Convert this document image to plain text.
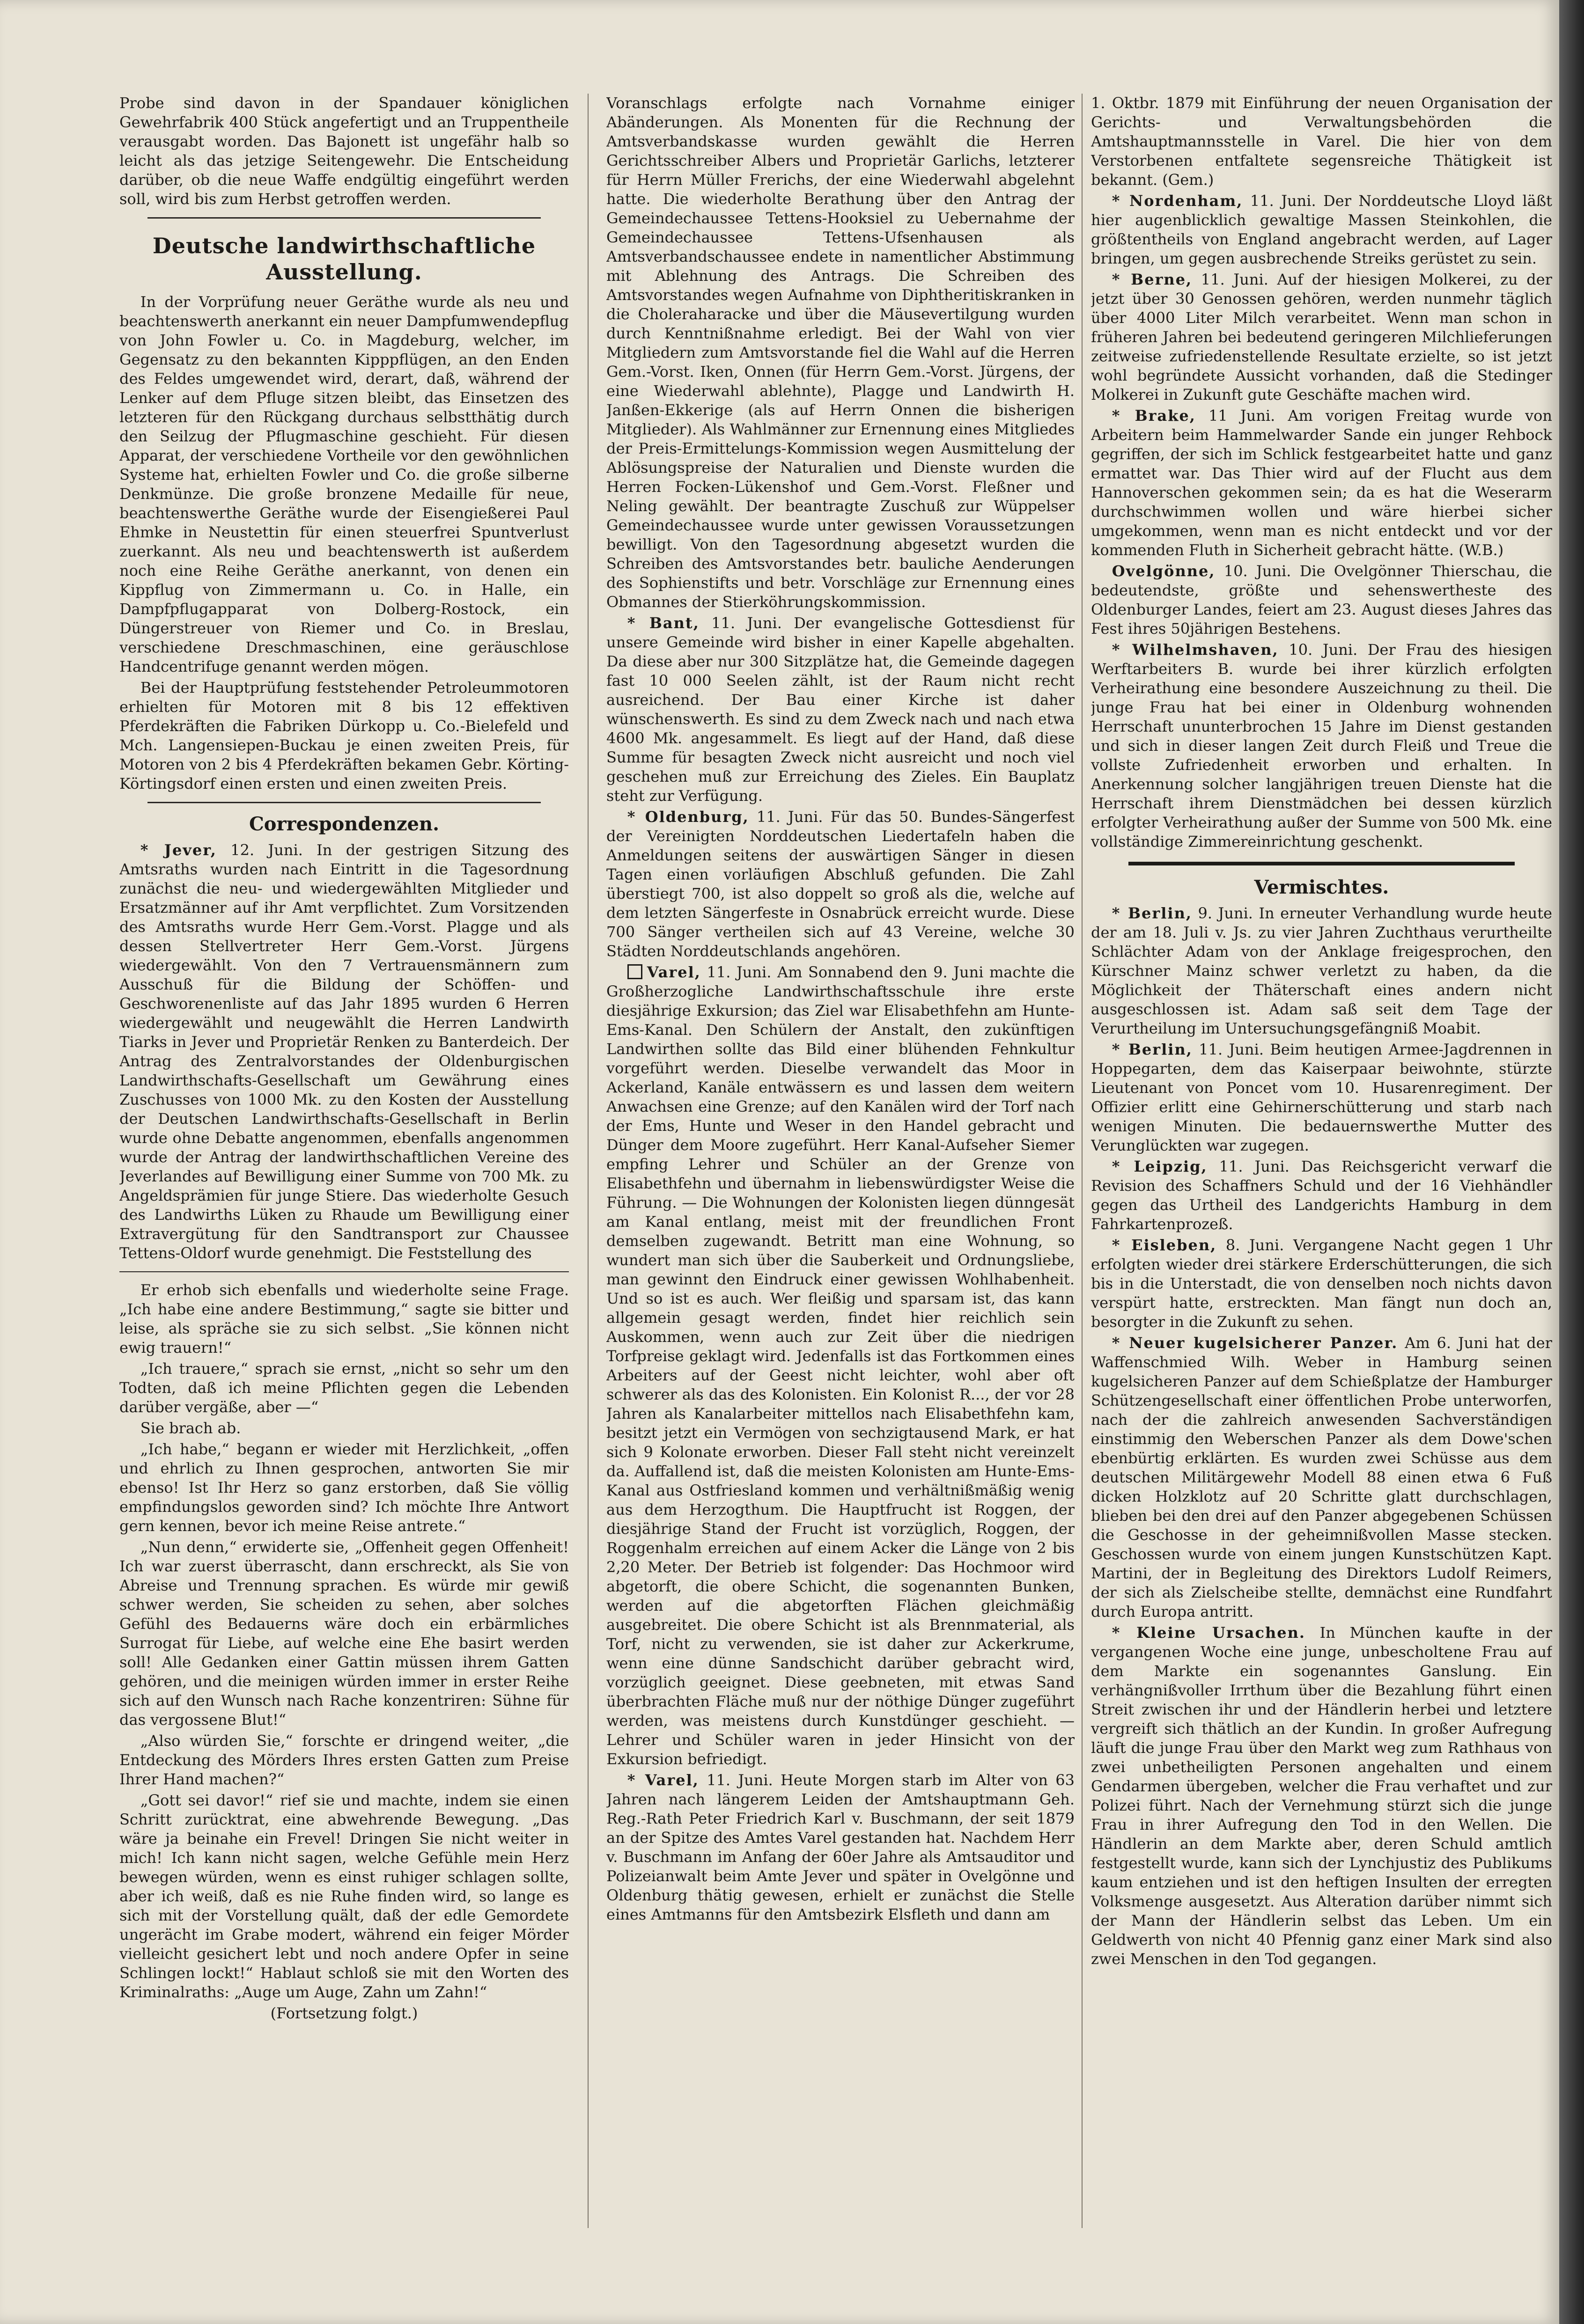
Probe sind davon in der Spandauer königlichen Gewehrfabrik 400 Stück angefertigt und an Truppentheile verausgabt worden. Das Bajonett ist ungefähr halb so leicht als das jetzige Seitengewehr. Die Entscheidung darüber, ob die neue Waffe endgültig eingeführt werden soll, wird bis zum Herbst getroffen werden.

Deutsche landwirthschaftliche Ausstellung.

In der Vorprüfung neuer Geräthe wurde als neu und beachtenswerth anerkannt ein neuer Dampfumwendepflug von John Fowler u. Co. in Magdeburg, welcher, im Gegensatz zu den bekannten Kipppflügen, an den Enden des Feldes umgewendet wird, derart, daß, während der Lenker auf dem Pfluge sitzen bleibt, das Einsetzen des letzteren für den Rückgang durchaus selbstthätig durch den Seilzug der Pflugmaschine geschieht. Für diesen Apparat, der verschiedene Vortheile vor den gewöhnlichen Systeme hat, erhielten Fowler und Co. die große silberne Denkmünze. Die große bronzene Medaille für neue, beachtenswerthe Geräthe wurde der Eisengießerei Paul Ehmke in Neustettin für einen steuerfrei Spuntverlust zuerkannt. Als neu und beachtenswerth ist außerdem noch eine Reihe Geräthe anerkannt, von denen ein Kippflug von Zimmermann u. Co. in Halle, ein Dampfpflugapparat von Dolberg-Rostock, ein Düngerstreuer von Riemer und Co. in Breslau, verschiedene Dreschmaschinen, eine geräuschlose Handcentrifuge genannt werden mögen.

Bei der Hauptprüfung feststehender Petroleummotoren erhielten für Motoren mit 8 bis 12 effektiven Pferdekräften die Fabriken Dürkopp u. Co.-Bielefeld und Mch. Langensiepen-Buckau je einen zweiten Preis, für Motoren von 2 bis 4 Pferdekräften bekamen Gebr. Körting-Körtingsdorf einen ersten und einen zweiten Preis.

Correspondenzen.

* Jever, 12. Juni. In der gestrigen Sitzung des Amtsraths wurden nach Eintritt in die Tagesordnung zunächst die neu- und wiedergewählten Mitglieder und Ersatzmänner auf ihr Amt verpflichtet. Zum Vorsitzenden des Amtsraths wurde Herr Gem.-Vorst. Plagge und als dessen Stellvertreter Herr Gem.-Vorst. Jürgens wiedergewählt. Von den 7 Vertrauensmännern zum Ausschuß für die Bildung der Schöffen- und Geschworenenliste auf das Jahr 1895 wurden 6 Herren wiedergewählt und neugewählt die Herren Landwirth Tiarks in Jever und Proprietär Renken zu Banterdeich. Der Antrag des Zentralvorstandes der Oldenburgischen Landwirthschafts-Gesellschaft um Gewährung eines Zuschusses von 1000 Mk. zu den Kosten der Ausstellung der Deutschen Landwirthschafts-Gesellschaft in Berlin wurde ohne Debatte angenommen, ebenfalls angenommen wurde der Antrag der landwirthschaftlichen Vereine des Jeverlandes auf Bewilligung einer Summe von 700 Mk. zu Angeldsprämien für junge Stiere. Das wiederholte Gesuch des Landwirths Lüken zu Rhaude um Bewilligung einer Extravergütung für den Sandtransport zur Chaussee Tettens-Oldorf wurde genehmigt. Die Feststellung des

Er erhob sich ebenfalls und wiederholte seine Frage. „Ich habe eine andere Bestimmung,“ sagte sie bitter und leise, als spräche sie zu sich selbst. „Sie können nicht ewig trauern!“

„Ich trauere,“ sprach sie ernst, „nicht so sehr um den Todten, daß ich meine Pflichten gegen die Lebenden darüber vergäße, aber —“

Sie brach ab.

„Ich habe,“ begann er wieder mit Herzlichkeit, „offen und ehrlich zu Ihnen gesprochen, antworten Sie mir ebenso! Ist Ihr Herz so ganz erstorben, daß Sie völlig empfindungslos geworden sind? Ich möchte Ihre Antwort gern kennen, bevor ich meine Reise antrete.“

„Nun denn,“ erwiderte sie, „Offenheit gegen Offenheit! Ich war zuerst überrascht, dann erschreckt, als Sie von Abreise und Trennung sprachen. Es würde mir gewiß schwer werden, Sie scheiden zu sehen, aber solches Gefühl des Bedauerns wäre doch ein erbärmliches Surrogat für Liebe, auf welche eine Ehe basirt werden soll! Alle Gedanken einer Gattin müssen ihrem Gatten gehören, und die meinigen würden immer in erster Reihe sich auf den Wunsch nach Rache konzentriren: Sühne für das vergossene Blut!“

„Also würden Sie,“ forschte er dringend weiter, „die Entdeckung des Mörders Ihres ersten Gatten zum Preise Ihrer Hand machen?“

„Gott sei davor!“ rief sie und machte, indem sie einen Schritt zurücktrat, eine abwehrende Bewegung. „Das wäre ja beinahe ein Frevel! Dringen Sie nicht weiter in mich! Ich kann nicht sagen, welche Gefühle mein Herz bewegen würden, wenn es einst ruhiger schlagen sollte, aber ich weiß, daß es nie Ruhe finden wird, so lange es sich mit der Vorstellung quält, daß der edle Gemordete ungerächt im Grabe modert, während ein feiger Mörder vielleicht gesichert lebt und noch andere Opfer in seine Schlingen lockt!“ Hablaut schloß sie mit den Worten des Kriminalraths: „Auge um Auge, Zahn um Zahn!“

(Fortsetzung folgt.)

Voranschlags erfolgte nach Vornahme einiger Abänderungen. Als Monenten für die Rechnung der Amtsverbandskasse wurden gewählt die Herren Gerichtsschreiber Albers und Proprietär Garlichs, letzterer für Herrn Müller Frerichs, der eine Wiederwahl abgelehnt hatte. Die wiederholte Berathung über den Antrag der Gemeindechaussee Tettens-Hooksiel zu Uebernahme der Gemeindechaussee Tettens-Ufsenhausen als Amtsverbandschaussee endete in namentlicher Abstimmung mit Ablehnung des Antrags. Die Schreiben des Amtsvorstandes wegen Aufnahme von Diphtheritiskranken in die Choleraharacke und über die Mäusevertilgung wurden durch Kenntnißnahme erledigt. Bei der Wahl von vier Mitgliedern zum Amtsvorstande fiel die Wahl auf die Herren Gem.-Vorst. Iken, Onnen (für Herrn Gem.-Vorst. Jürgens, der eine Wiederwahl ablehnte), Plagge und Landwirth H. Janßen-Ekkerige (als auf Herrn Onnen die bisherigen Mitglieder). Als Wahlmänner zur Ernennung eines Mitgliedes der Preis-Ermittelungs-Kommission wegen Ausmittelung der Ablösungspreise der Naturalien und Dienste wurden die Herren Focken-Lükenshof und Gem.-Vorst. Fleßner und Neling gewählt. Der beantragte Zuschuß zur Wüppelser Gemeindechaussee wurde unter gewissen Voraussetzungen bewilligt. Von den Tagesordnung abgesetzt wurden die Schreiben des Amtsvorstandes betr. bauliche Aenderungen des Sophienstifts und betr. Vorschläge zur Ernennung eines Obmannes der Stierköhrungskommission.

* Bant, 11. Juni. Der evangelische Gottesdienst für unsere Gemeinde wird bisher in einer Kapelle abgehalten. Da diese aber nur 300 Sitzplätze hat, die Gemeinde dagegen fast 10 000 Seelen zählt, ist der Raum nicht recht ausreichend. Der Bau einer Kirche ist daher wünschenswerth. Es sind zu dem Zweck nach und nach etwa 4600 Mk. angesammelt. Es liegt auf der Hand, daß diese Summe für besagten Zweck nicht ausreicht und noch viel geschehen muß zur Erreichung des Zieles. Ein Bauplatz steht zur Verfügung.

* Oldenburg, 11. Juni. Für das 50. Bundes-Sängerfest der Vereinigten Norddeutschen Liedertafeln haben die Anmeldungen seitens der auswärtigen Sänger in diesen Tagen einen vorläufigen Abschluß gefunden. Die Zahl überstiegt 700, ist also doppelt so groß als die, welche auf dem letzten Sängerfeste in Osnabrück erreicht wurde. Diese 700 Sänger vertheilen sich auf 43 Vereine, welche 30 Städten Norddeutschlands angehören.

Varel, 11. Juni. Am Sonnabend den 9. Juni machte die Großherzogliche Landwirthschaftsschule ihre erste diesjährige Exkursion; das Ziel war Elisabethfehn am Hunte-Ems-Kanal. Den Schülern der Anstalt, den zukünftigen Landwirthen sollte das Bild einer blühenden Fehnkultur vorgeführt werden. Dieselbe verwandelt das Moor in Ackerland, Kanäle entwässern es und lassen dem weitern Anwachsen eine Grenze; auf den Kanälen wird der Torf nach der Ems, Hunte und Weser in den Handel gebracht und Dünger dem Moore zugeführt. Herr Kanal-Aufseher Siemer empfing Lehrer und Schüler an der Grenze von Elisabethfehn und übernahm in liebenswürdigster Weise die Führung. — Die Wohnungen der Kolonisten liegen dünngesät am Kanal entlang, meist mit der freundlichen Front demselben zugewandt. Betritt man eine Wohnung, so wundert man sich über die Sauberkeit und Ordnungsliebe, man gewinnt den Eindruck einer gewissen Wohlhabenheit. Und so ist es auch. Wer fleißig und sparsam ist, das kann allgemein gesagt werden, findet hier reichlich sein Auskommen, wenn auch zur Zeit über die niedrigen Torfpreise geklagt wird. Jedenfalls ist das Fortkommen eines Arbeiters auf der Geest nicht leichter, wohl aber oft schwerer als das des Kolonisten. Ein Kolonist R..., der vor 28 Jahren als Kanalarbeiter mittellos nach Elisabethfehn kam, besitzt jetzt ein Vermögen von sechzigtausend Mark, er hat sich 9 Kolonate erworben. Dieser Fall steht nicht vereinzelt da. Auffallend ist, daß die meisten Kolonisten am Hunte-Ems-Kanal aus Ostfriesland kommen und verhältnißmäßig wenig aus dem Herzogthum. Die Hauptfrucht ist Roggen, der diesjährige Stand der Frucht ist vorzüglich, Roggen, der Roggenhalm erreichen auf einem Acker die Länge von 2 bis 2,20 Meter. Der Betrieb ist folgender: Das Hochmoor wird abgetorft, die obere Schicht, die sogenannten Bunken, werden auf die abgetorften Flächen gleichmäßig ausgebreitet. Die obere Schicht ist als Brennmaterial, als Torf, nicht zu verwenden, sie ist daher zur Ackerkrume, wenn eine dünne Sandschicht darüber gebracht wird, vorzüglich geeignet. Diese geebneten, mit etwas Sand überbrachten Fläche muß nur der nöthige Dünger zugeführt werden, was meistens durch Kunstdünger geschieht. — Lehrer und Schüler waren in jeder Hinsicht von der Exkursion befriedigt.

* Varel, 11. Juni. Heute Morgen starb im Alter von 63 Jahren nach längerem Leiden der Amtshauptmann Geh. Reg.-Rath Peter Friedrich Karl v. Buschmann, der seit 1879 an der Spitze des Amtes Varel gestanden hat. Nachdem Herr v. Buschmann im Anfang der 60er Jahre als Amtsauditor und Polizeianwalt beim Amte Jever und später in Ovelgönne und Oldenburg thätig gewesen, erhielt er zunächst die Stelle eines Amtmanns für den Amtsbezirk Elsfleth und dann am

1. Oktbr. 1879 mit Einführung der neuen Organisation der Gerichts- und Verwaltungsbehörden die Amtshauptmannsstelle in Varel. Die hier von dem Verstorbenen entfaltete segensreiche Thätigkeit ist bekannt. (Gem.)

* Nordenham, 11. Juni. Der Norddeutsche Lloyd läßt hier augenblicklich gewaltige Massen Steinkohlen, die größtentheils von England angebracht werden, auf Lager bringen, um gegen ausbrechende Streiks gerüstet zu sein.

* Berne, 11. Juni. Auf der hiesigen Molkerei, zu der jetzt über 30 Genossen gehören, werden nunmehr täglich über 4000 Liter Milch verarbeitet. Wenn man schon in früheren Jahren bei bedeutend geringeren Milchlieferungen zeitweise zufriedenstellende Resultate erzielte, so ist jetzt wohl begründete Aussicht vorhanden, daß die Stedinger Molkerei in Zukunft gute Geschäfte machen wird.

* Brake, 11 Juni. Am vorigen Freitag wurde von Arbeitern beim Hammelwarder Sande ein junger Rehbock gegriffen, der sich im Schlick festgearbeitet hatte und ganz ermattet war. Das Thier wird auf der Flucht aus dem Hannoverschen gekommen sein; da es hat die Weserarm durchschwimmen wollen und wäre hierbei sicher umgekommen, wenn man es nicht entdeckt und vor der kommenden Fluth in Sicherheit gebracht hätte. (W.B.)

Ovelgönne, 10. Juni. Die Ovelgönner Thierschau, die bedeutendste, größte und sehenswertheste des Oldenburger Landes, feiert am 23. August dieses Jahres das Fest ihres 50jährigen Bestehens.

* Wilhelmshaven, 10. Juni. Der Frau des hiesigen Werftarbeiters B. wurde bei ihrer kürzlich erfolgten Verheirathung eine besondere Auszeichnung zu theil. Die junge Frau hat bei einer in Oldenburg wohnenden Herrschaft ununterbrochen 15 Jahre im Dienst gestanden und sich in dieser langen Zeit durch Fleiß und Treue die vollste Zufriedenheit erworben und erhalten. In Anerkennung solcher langjährigen treuen Dienste hat die Herrschaft ihrem Dienstmädchen bei dessen kürzlich erfolgter Verheirathung außer der Summe von 500 Mk. eine vollständige Zimmereinrichtung geschenkt.

Vermischtes.

* Berlin, 9. Juni. In erneuter Verhandlung wurde heute der am 18. Juli v. Js. zu vier Jahren Zuchthaus verurtheilte Schlächter Adam von der Anklage freigesprochen, den Kürschner Mainz schwer verletzt zu haben, da die Möglichkeit der Thäterschaft eines andern nicht ausgeschlossen ist. Adam saß seit dem Tage der Verurtheilung im Untersuchungsgefängniß Moabit.

* Berlin, 11. Juni. Beim heutigen Armee-Jagdrennen in Hoppegarten, dem das Kaiserpaar beiwohnte, stürzte Lieutenant von Poncet vom 10. Husarenregiment. Der Offizier erlitt eine Gehirnerschütterung und starb nach wenigen Minuten. Die bedauernswerthe Mutter des Verunglückten war zugegen.

* Leipzig, 11. Juni. Das Reichsgericht verwarf die Revision des Schaffners Schuld und der 16 Viehhändler gegen das Urtheil des Landgerichts Hamburg in dem Fahrkartenprozeß.

* Eisleben, 8. Juni. Vergangene Nacht gegen 1 Uhr erfolgten wieder drei stärkere Erderschütterungen, die sich bis in die Unterstadt, die von denselben noch nichts davon verspürt hatte, erstreckten. Man fängt nun doch an, besorgter in die Zukunft zu sehen.

* Neuer kugelsicherer Panzer. Am 6. Juni hat der Waffenschmied Wilh. Weber in Hamburg seinen kugelsicheren Panzer auf dem Schießplatze der Hamburger Schützengesellschaft einer öffentlichen Probe unterworfen, nach der die zahlreich anwesenden Sachverständigen einstimmig den Weberschen Panzer als dem Dowe'schen ebenbürtig erklärten. Es wurden zwei Schüsse aus dem deutschen Militärgewehr Modell 88 einen etwa 6 Fuß dicken Holzklotz auf 20 Schritte glatt durchschlagen, blieben bei den drei auf den Panzer abgegebenen Schüssen die Geschosse in der geheimnißvollen Masse stecken. Geschossen wurde von einem jungen Kunstschützen Kapt. Martini, der in Begleitung des Direktors Ludolf Reimers, der sich als Zielscheibe stellte, demnächst eine Rundfahrt durch Europa antritt.

* Kleine Ursachen. In München kaufte in der vergangenen Woche eine junge, unbescholtene Frau auf dem Markte ein sogenanntes Ganslung. Ein verhängnißvoller Irrthum über die Bezahlung führt einen Streit zwischen ihr und der Händlerin herbei und letztere vergreift sich thätlich an der Kundin. In großer Aufregung läuft die junge Frau über den Markt weg zum Rathhaus von zwei unbetheiligten Personen angehalten und einem Gendarmen übergeben, welcher die Frau verhaftet und zur Polizei führt. Nach der Vernehmung stürzt sich die junge Frau in ihrer Aufregung den Tod in den Wellen. Die Händlerin an dem Markte aber, deren Schuld amtlich festgestellt wurde, kann sich der Lynchjustiz des Publikums kaum entziehen und ist den heftigen Insulten der erregten Volksmenge ausgesetzt. Aus Alteration darüber nimmt sich der Mann der Händlerin selbst das Leben. Um ein Geldwerth von nicht 40 Pfennig ganz einer Mark sind also zwei Menschen in den Tod gegangen.
